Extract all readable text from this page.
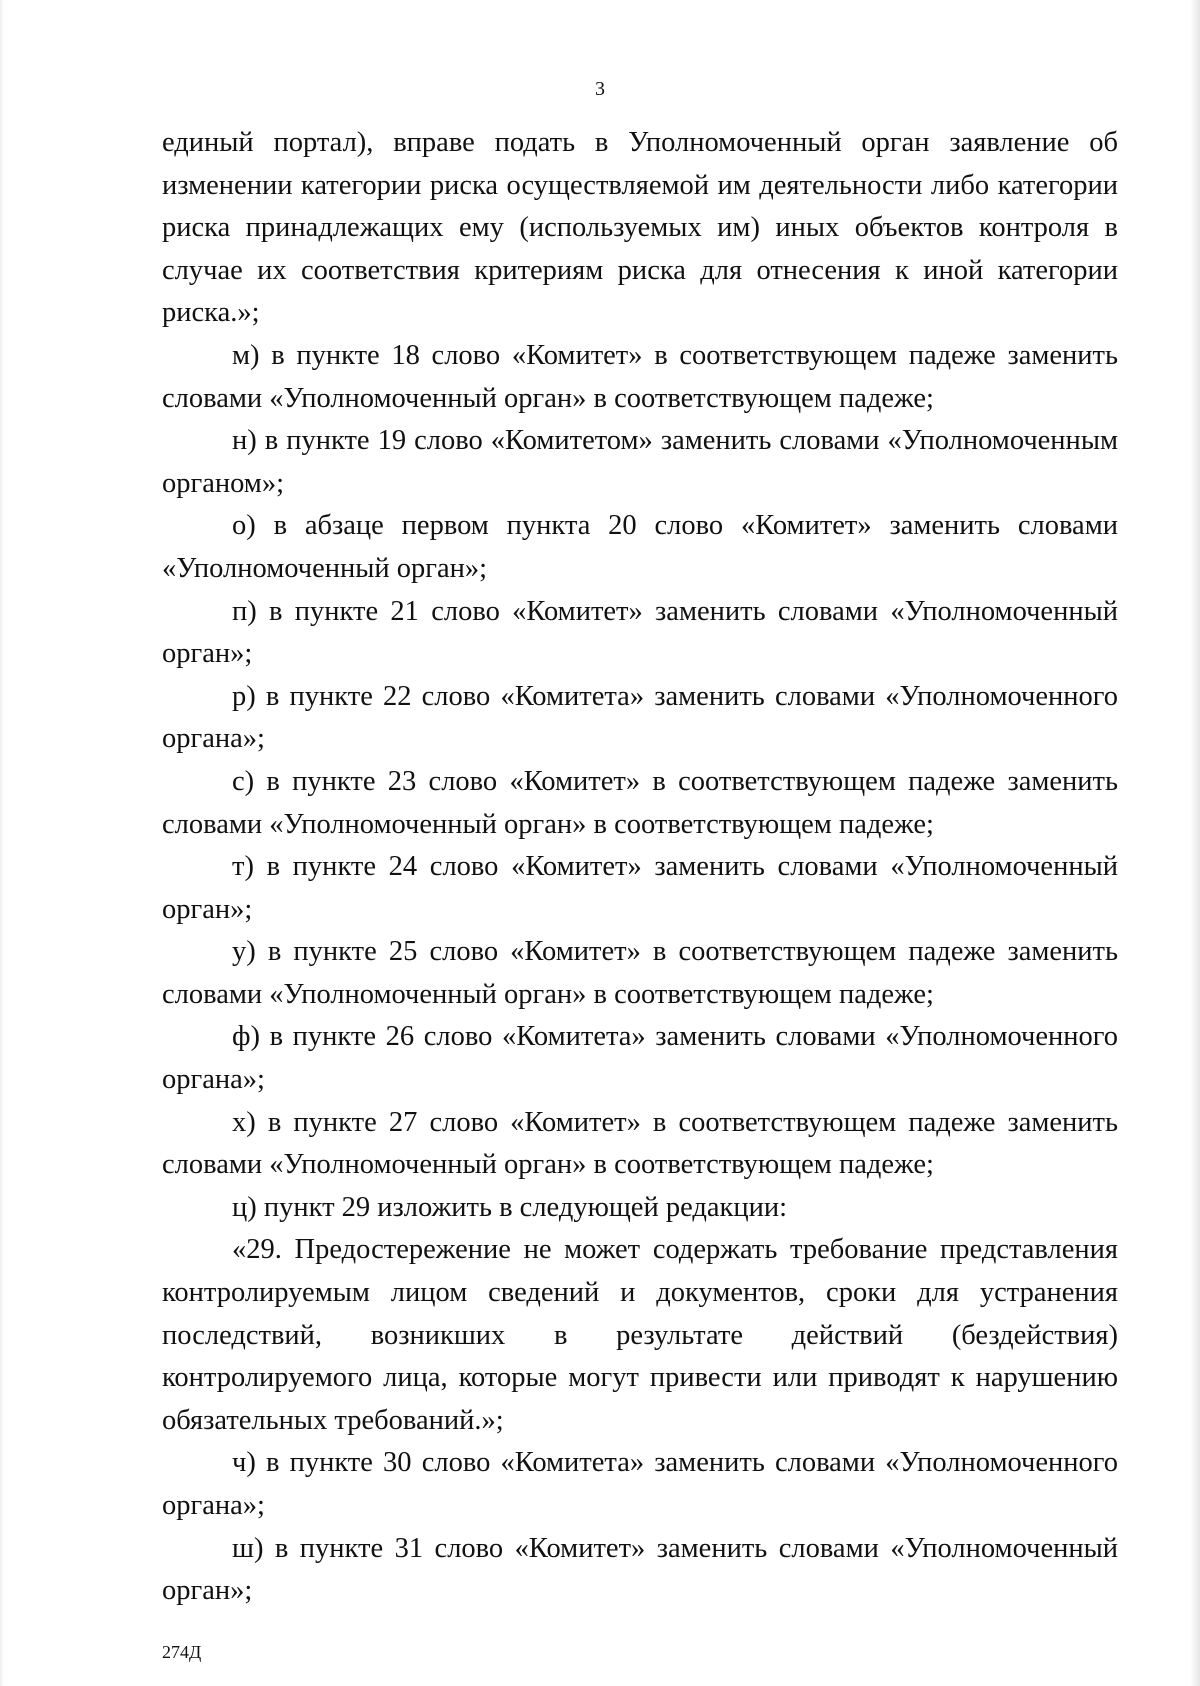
3

единый портал), вправе подать в Уполномоченный орган заявление об изменении категории риска осуществляемой им деятельности либо категории риска принадлежащих ему (используемых им) иных объектов контроля в случае их соответствия критериям риска для отнесения к иной категории риска.»;

м) в пункте 18 слово «Комитет» в соответствующем падеже заменить словами «Уполномоченный орган» в соответствующем падеже;

н) в пункте 19 слово «Комитетом» заменить словами «Уполномоченным органом»;

о) в абзаце первом пункта 20 слово «Комитет» заменить словами «Уполномоченный орган»;

п) в пункте 21 слово «Комитет» заменить словами «Уполномоченный орган»;

р) в пункте 22 слово «Комитета» заменить словами «Уполномоченного органа»;

с) в пункте 23 слово «Комитет» в соответствующем падеже заменить словами «Уполномоченный орган» в соответствующем падеже;

т) в пункте 24 слово «Комитет» заменить словами «Уполномоченный орган»;

у) в пункте 25 слово «Комитет» в соответствующем падеже заменить словами «Уполномоченный орган» в соответствующем падеже;

ф) в пункте 26 слово «Комитета» заменить словами «Уполномоченного органа»;

х) в пункте 27 слово «Комитет» в соответствующем падеже заменить словами «Уполномоченный орган» в соответствующем падеже;

ц) пункт 29 изложить в следующей редакции:

«29. Предостережение не может содержать требование представления контролируемым лицом сведений и документов, сроки для устранения последствий, возникших в результате действий (бездействия) контролируемого лица, которые могут привести или приводят к нарушению обязательных требований.»;

ч) в пункте 30 слово «Комитета» заменить словами «Уполномоченного органа»;

ш) в пункте 31 слово «Комитет» заменить словами «Уполномоченный орган»;

274Д
